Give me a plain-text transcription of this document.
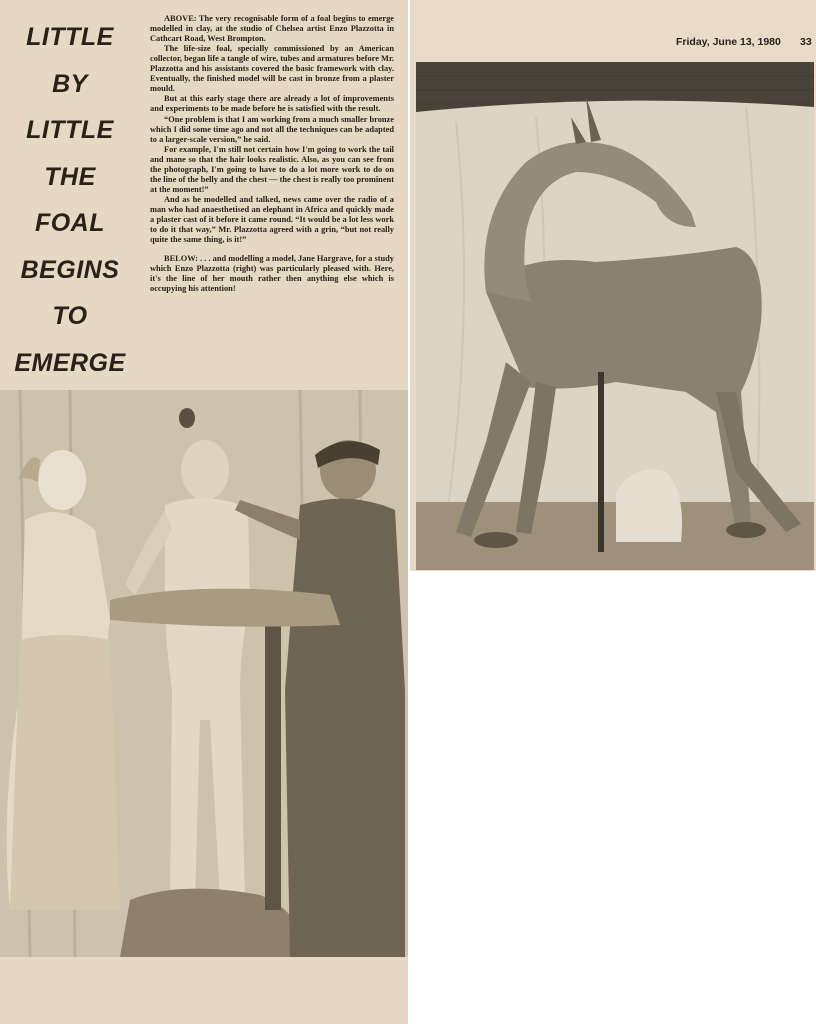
LITTLE
BY
LITTLE
THE
FOAL
BEGINS
TO
EMERGE

ABOVE: The very recognisable form of a foal begins to emerge modelled in clay, at the studio of Chelsea artist Enzo Plazzotta in Cathcart Road, West Brompton.

The life-size foal, specially commissioned by an American collector, began life a tangle of wire, tubes and armatures before Mr. Plazzotta and his assistants covered the basic framework with clay. Eventually, the finished model will be cast in bronze from a plaster mould.

But at this early stage there are already a lot of improvements and experiments to be made before he is satisfied with the result.

“One problem is that I am working from a much smaller bronze which I did some time ago and not all the techniques can be adapted to a larger-scale version,” he said.

For example, I'm still not certain how I'm going to work the tail and mane so that the hair looks realistic. Also, as you can see from the photograph, I'm going to have to do a lot more work to do on the line of the belly and the chest — the chest is really too prominent at the moment!”

And as he modelled and talked, news came over the radio of a man who had anaesthetised an elephant in Africa and quickly made a plaster cast of it before it came round. “It would be a lot less work to do it that way,” Mr. Plazzotta agreed with a grin, “but not really quite the same thing, is it!”

BELOW: . . . and modelling a model, Jane Hargrave, for a study which Enzo Plazzotta (right) was particularly pleased with. Here, it's the line of her mouth rather then anything else which is occupying his attention!

Friday, June 13, 1980 33
